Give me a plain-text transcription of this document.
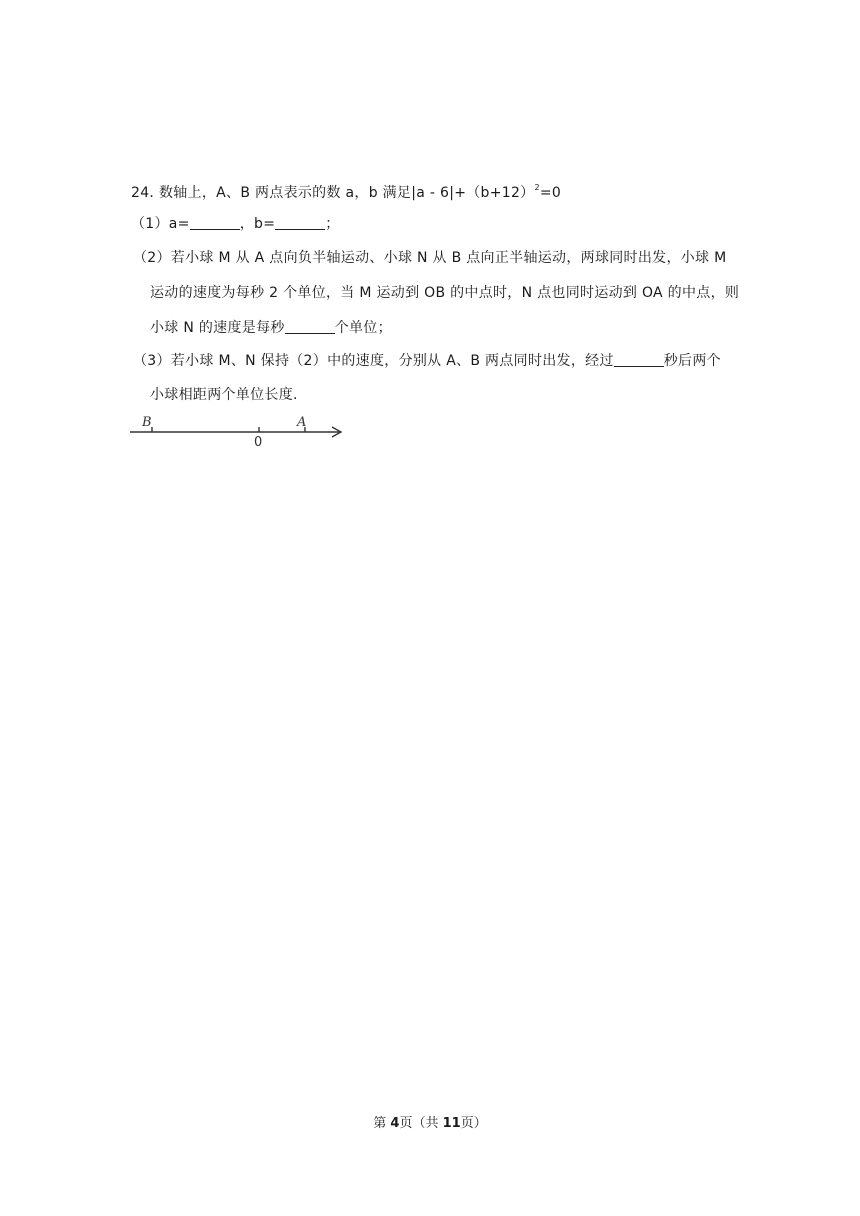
24. 数轴上，A、B 两点表示的数 a，b 满足$|a - 6|+(b+12)^2=0$
（1）a=	，b=	；
（2）若小球 M 从 A 点向负半轴运动、小球 N 从 B 点向正半轴运动，两球同时出发，小球 M
运动的速度为每秒 2 个单位，当 M 运动到 OB 的中点时，N 点也同时运动到 OA 的中点，则
小球 N 的速度是每秒	个单位；
（3）若小球 M、N 保持（2）中的速度，分别从 A、B 两点同时出发，经过	秒后两个
小球相距两个单位长度.
B
0
A
第 4页（共 11页）
